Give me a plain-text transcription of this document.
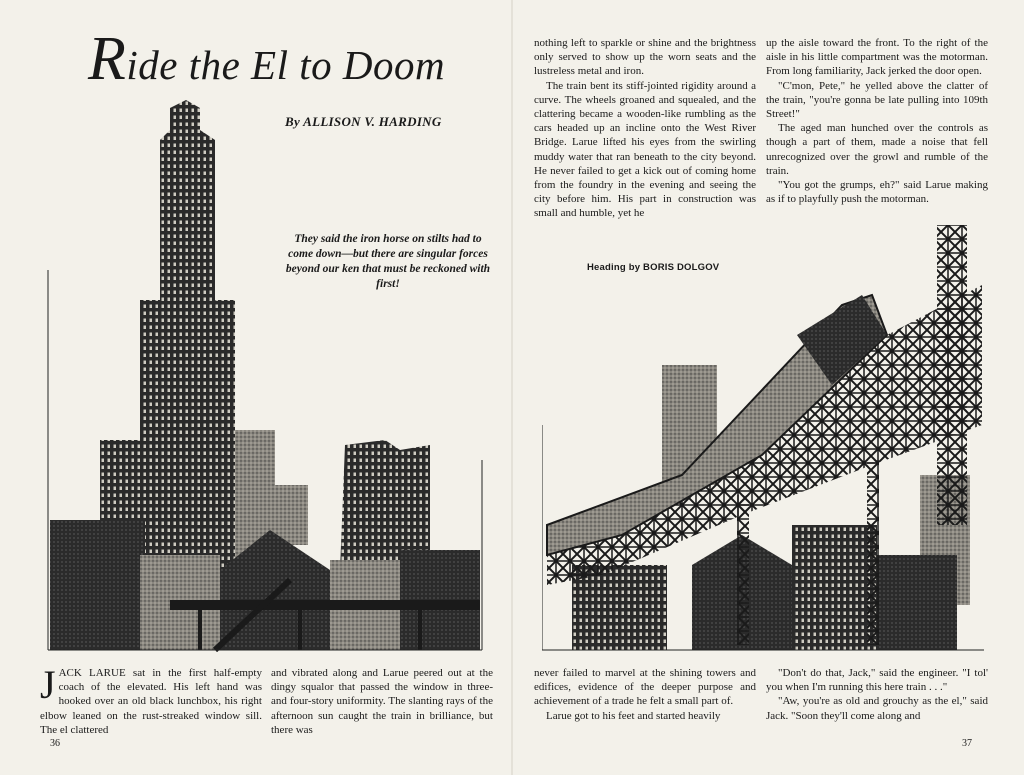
Ride the El to Doom
By ALLISON V. HARDING
They said the iron horse on stilts had to come down—but there are singular forces beyond our ken that must be reckoned with first!

JACK LARUE sat in the first half-empty coach of the elevated. His left hand was hooked over an old black lunchbox, his right elbow leaned on the rust-streaked window sill. The el clattered

and vibrated along and Larue peered out at the dingy squalor that passed the window in three- and four-story uniformity. The slanting rays of the afternoon sun caught the train in brilliance, but there was

36

nothing left to sparkle or shine and the brightness only served to show up the worn seats and the lustreless metal and iron.

The train bent its stiff-jointed rigidity around a curve. The wheels groaned and squealed, and the clattering became a wooden-like rumbling as the cars headed up an incline onto the West River Bridge. Larue lifted his eyes from the swirling muddy water that ran beneath to the city beyond. He never failed to get a kick out of coming home from the foundry in the evening and seeing the city before him. His part in construction was small and humble, yet he

up the aisle toward the front. To the right of the aisle in his little compartment was the motorman. From long familiarity, Jack jerked the door open.

"C'mon, Pete," he yelled above the clatter of the train, "you're gonna be late pulling into 109th Street!"

The aged man hunched over the controls as though a part of them, made a noise that fell unrecognized over the growl and rumble of the train.

"You got the grumps, eh?" said Larue making as if to playfully push the motorman.

Heading by BORIS DOLGOV

never failed to marvel at the shining towers and edifices, evidence of the deeper purpose and achievement of a trade he felt a small part of.

Larue got to his feet and started heavily

"Don't do that, Jack," said the engineer. "I tol' you when I'm running this here train . . ."

"Aw, you're as old and grouchy as the el," said Jack. "Soon they'll come along and

37
